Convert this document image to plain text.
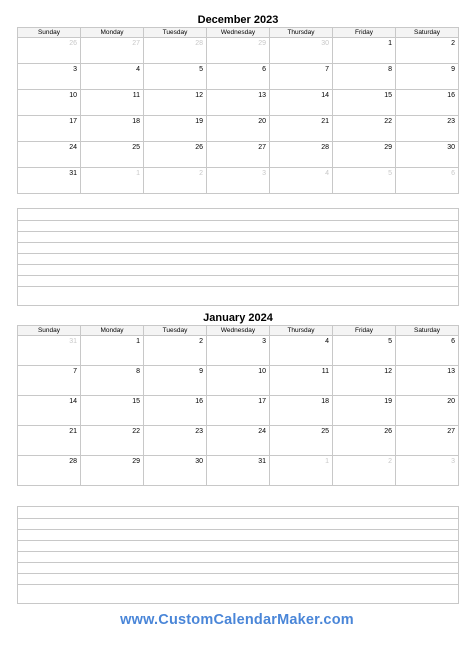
December 2023
Sunday	Monday	Tuesday	Wednesday	Thursday	Friday	Saturday
26	27	28	29	30	1	2
3	4	5	6	7	8	9
10	11	12	13	14	15	16
17	18	19	20	21	22	23
24	25	26	27	28	29	30
31	1	2	3	4	5	6
January 2024
Sunday	Monday	Tuesday	Wednesday	Thursday	Friday	Saturday
31	1	2	3	4	5	6
7	8	9	10	11	12	13
14	15	16	17	18	19	20
21	22	23	24	25	26	27
28	29	30	31	1	2	3
www.CustomCalendarMaker.com
